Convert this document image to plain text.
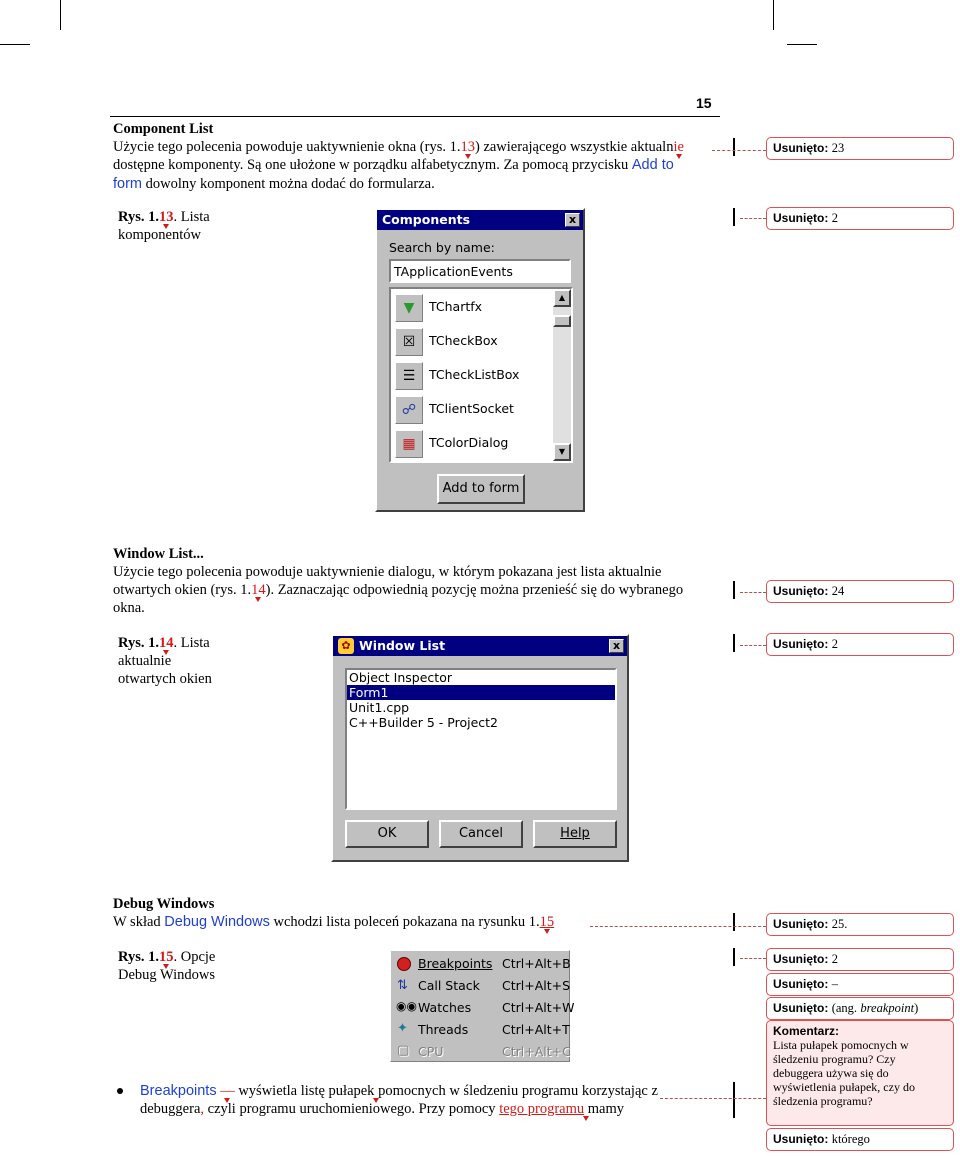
15
Component List
Użycie tego polecenia powoduje uaktywnienie okna (rys. 1.13) zawierającego wszystkie aktualnie
dostępne komponenty. Są one ułożone w porządku alfabetycznym. Za pomocą przycisku Add to
form dowolny komponent można dodać do formularza.
Rys. 1.13. Lista
komponentów
Components	x
Search by name:
TApplicationEvents
▼	TChartfx
☒	TCheckBox
☰	TCheckListBox
☍	TClientSocket
▦	TColorDialog
▲
▼
Add to form
Window List...
Użycie tego polecenia powoduje uaktywnienie dialogu, w którym pokazana jest lista aktualnie
otwartych okien (rys. 1.14). Zaznaczając odpowiednią pozycję można przenieść się do wybranego
okna.
Rys. 1.14. Lista
aktualnie
otwartych okien
✿ Window List	x
Object Inspector
Form1
Unit1.cpp
C++Builder 5 - Project2
OK	Cancel	Help
Debug Windows
W skład Debug Windows wchodzi lista poleceń pokazana na rysunku 1.15
Rys. 1.15. Opcje
Debug Windows
Breakpoints Ctrl+Alt+B
⇅ Call Stack Ctrl+Alt+S
◉◉ Watches Ctrl+Alt+W
✦ Threads	Ctrl+Alt+T
▢ CPU	Ctrl+Alt+C
Breakpoints — wyświetla listę pułapek pomocnych w śledzeniu programu korzystając z
debuggera, czyli programu uruchomieniowego. Przy pomocy tego programu mamy
Usunięto: 23
Usunięto: 2
Usunięto: 24
Usunięto: 2
Usunięto: 25.
Usunięto: 2
Usunięto: –
Usunięto: (ang. breakpoint)
Komentarz:
Lista pułapek pomocnych w śledzeniu programu? Czy debuggera używa się do wyświetlenia pułapek, czy do śledzenia programu?
Usunięto: którego
